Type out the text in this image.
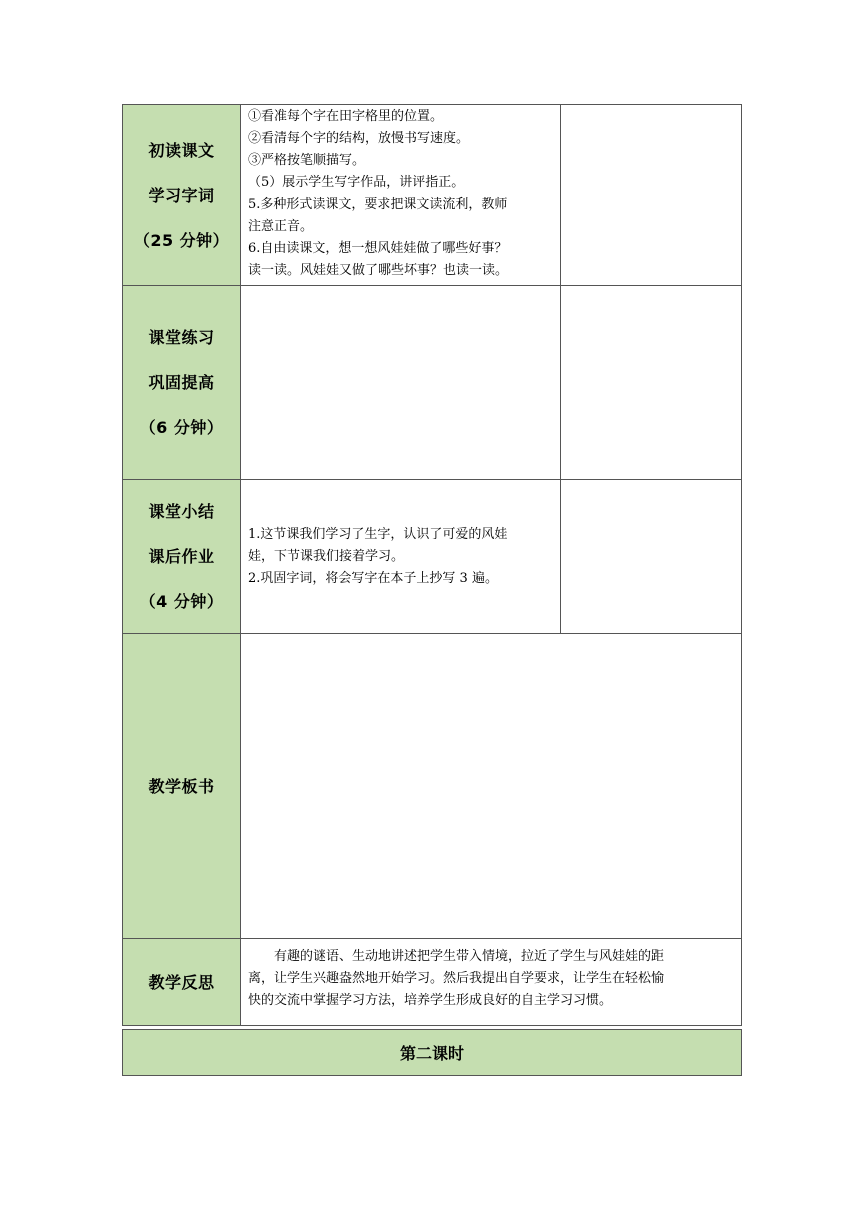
初读课文
学习字词
（25 分钟）
①看准每个字在田字格里的位置。
②看清每个字的结构，放慢书写速度。
③严格按笔顺描写。
（5）展示学生写字作品，讲评指正。
5.多种形式读课文，要求把课文读流利，教师
注意正音。
6.自由读课文，想一想风娃娃做了哪些好事？
读一读。风娃娃又做了哪些坏事？也读一读。
课堂练习
巩固提高
（6 分钟）
课堂小结
课后作业
（4 分钟）
1.这节课我们学习了生字，认识了可爱的风娃
娃，下节课我们接着学习。
2.巩固字词，将会写字在本子上抄写 3 遍。
教学板书
教学反思
　　有趣的谜语、生动地讲述把学生带入情境，拉近了学生与风娃娃的距
离，让学生兴趣盎然地开始学习。然后我提出自学要求，让学生在轻松愉
快的交流中掌握学习方法，培养学生形成良好的自主学习习惯。
第二课时
